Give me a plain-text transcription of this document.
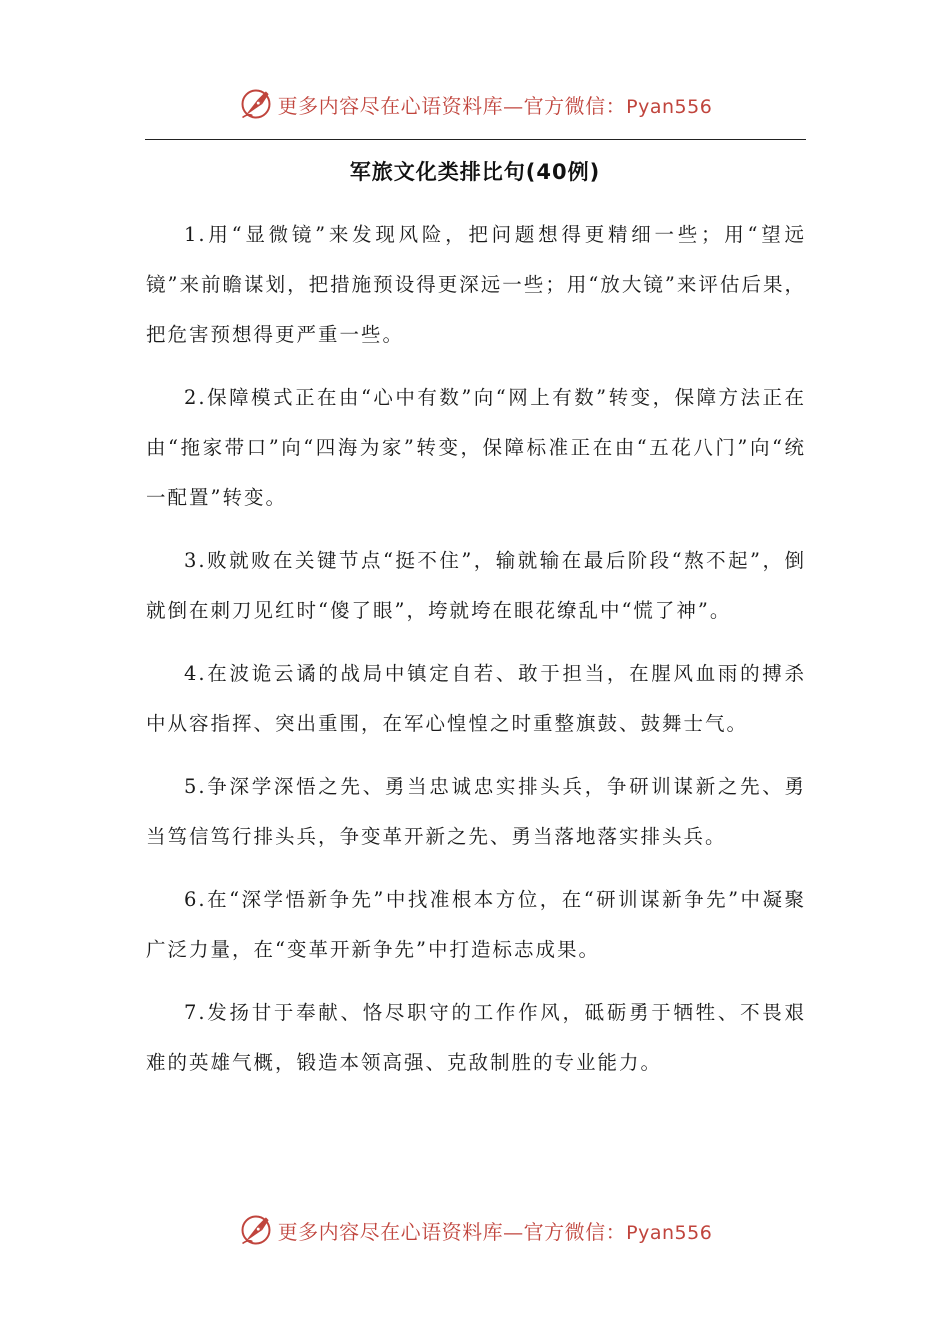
更多内容尽在心语资料库—官方微信：Pyan556
军旅文化类排比句(40例)

1.用“显微镜”来发现风险，把问题想得更精细一些；用“望远镜”来前瞻谋划，把措施预设得更深远一些；用“放大镜”来评估后果，把危害预想得更严重一些。

2.保障模式正在由“心中有数”向“网上有数”转变，保障方法正在由“拖家带口”向“四海为家”转变，保障标准正在由“五花八门”向“统一配置”转变。

3.败就败在关键节点“挺不住”，输就输在最后阶段“熬不起”，倒就倒在刺刀见红时“傻了眼”，垮就垮在眼花缭乱中“慌了神”。

4.在波诡云谲的战局中镇定自若、敢于担当，在腥风血雨的搏杀中从容指挥、突出重围，在军心惶惶之时重整旗鼓、鼓舞士气。

5.争深学深悟之先、勇当忠诚忠实排头兵，争研训谋新之先、勇当笃信笃行排头兵，争变革开新之先、勇当落地落实排头兵。

6.在“深学悟新争先”中找准根本方位，在“研训谋新争先”中凝聚广泛力量，在“变革开新争先”中打造标志成果。

7.发扬甘于奉献、恪尽职守的工作作风，砥砺勇于牺牲、不畏艰难的英雄气概，锻造本领高强、克敌制胜的专业能力。

更多内容尽在心语资料库—官方微信：Pyan556
